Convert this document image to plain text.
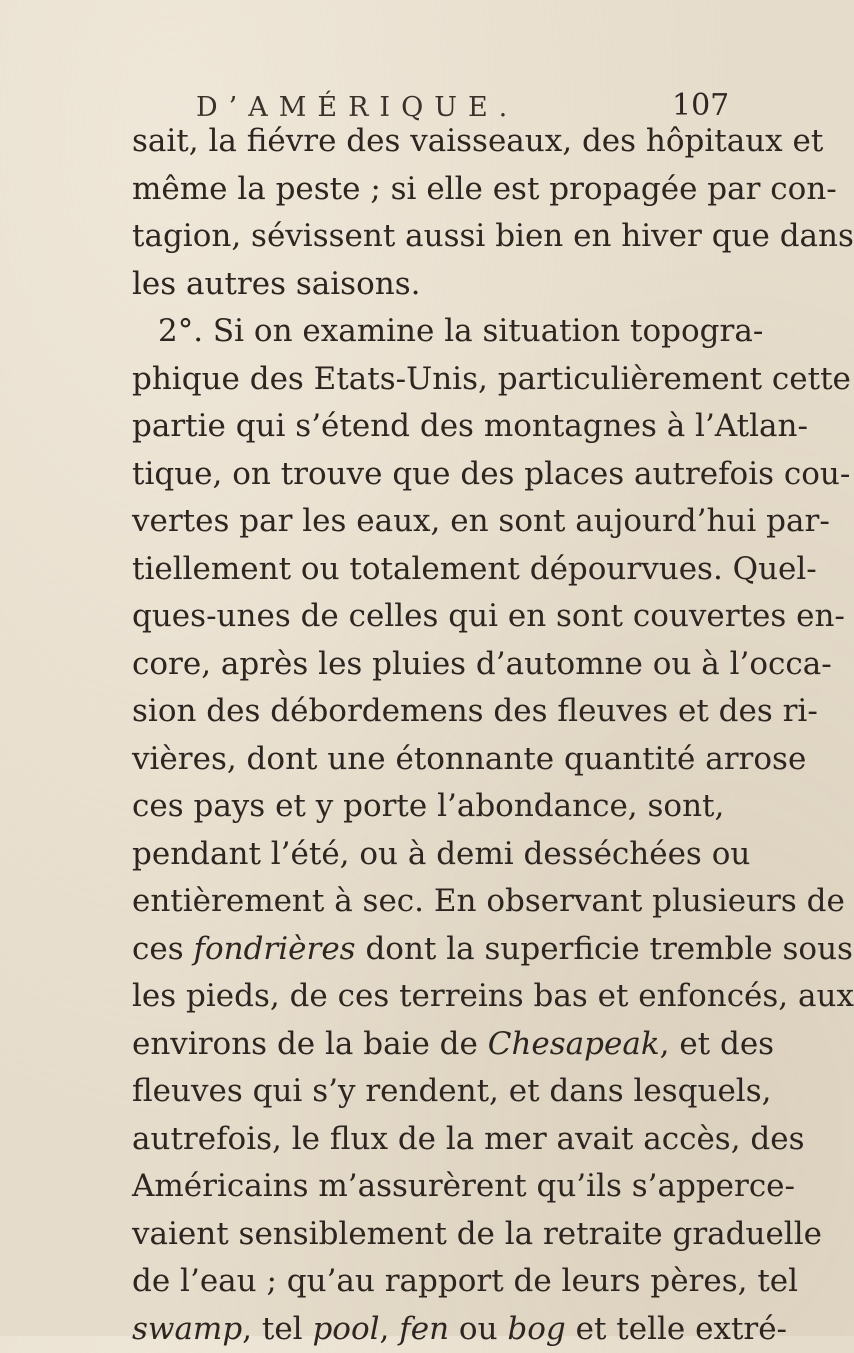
D’AMÉRIQUE.	107
sait, la fiévre des vaisseaux, des hôpitaux et
même la peste ; si elle est propagée par con-
tagion, sévissent aussi bien en hiver que dans
les autres saisons.
2°. Si on examine la situation topogra-
phique des Etats-Unis, particulièrement cette
partie qui s’étend des montagnes à l’Atlan-
tique, on trouve que des places autrefois cou-
vertes par les eaux, en sont aujourd’hui par-
tiellement ou totalement dépourvues. Quel-
ques-unes de celles qui en sont couvertes en-
core, après les pluies d’automne ou à l’occa-
sion des débordemens des fleuves et des ri-
vières, dont une étonnante quantité arrose
ces pays et y porte l’abondance, sont,
pendant l’été, ou à demi desséchées ou
entièrement à sec. En observant plusieurs de
ces fondrières dont la superficie tremble sous
les pieds, de ces terreins bas et enfoncés, aux
environs de la baie de Chesapeak, et des
fleuves qui s’y rendent, et dans lesquels,
autrefois, le flux de la mer avait accès, des
Américains m’assurèrent qu’ils s’apperce-
vaient sensiblement de la retraite graduelle
de l’eau ; qu’au rapport de leurs pères, tel
swamp, tel pool, fen ou bog et telle extré-
